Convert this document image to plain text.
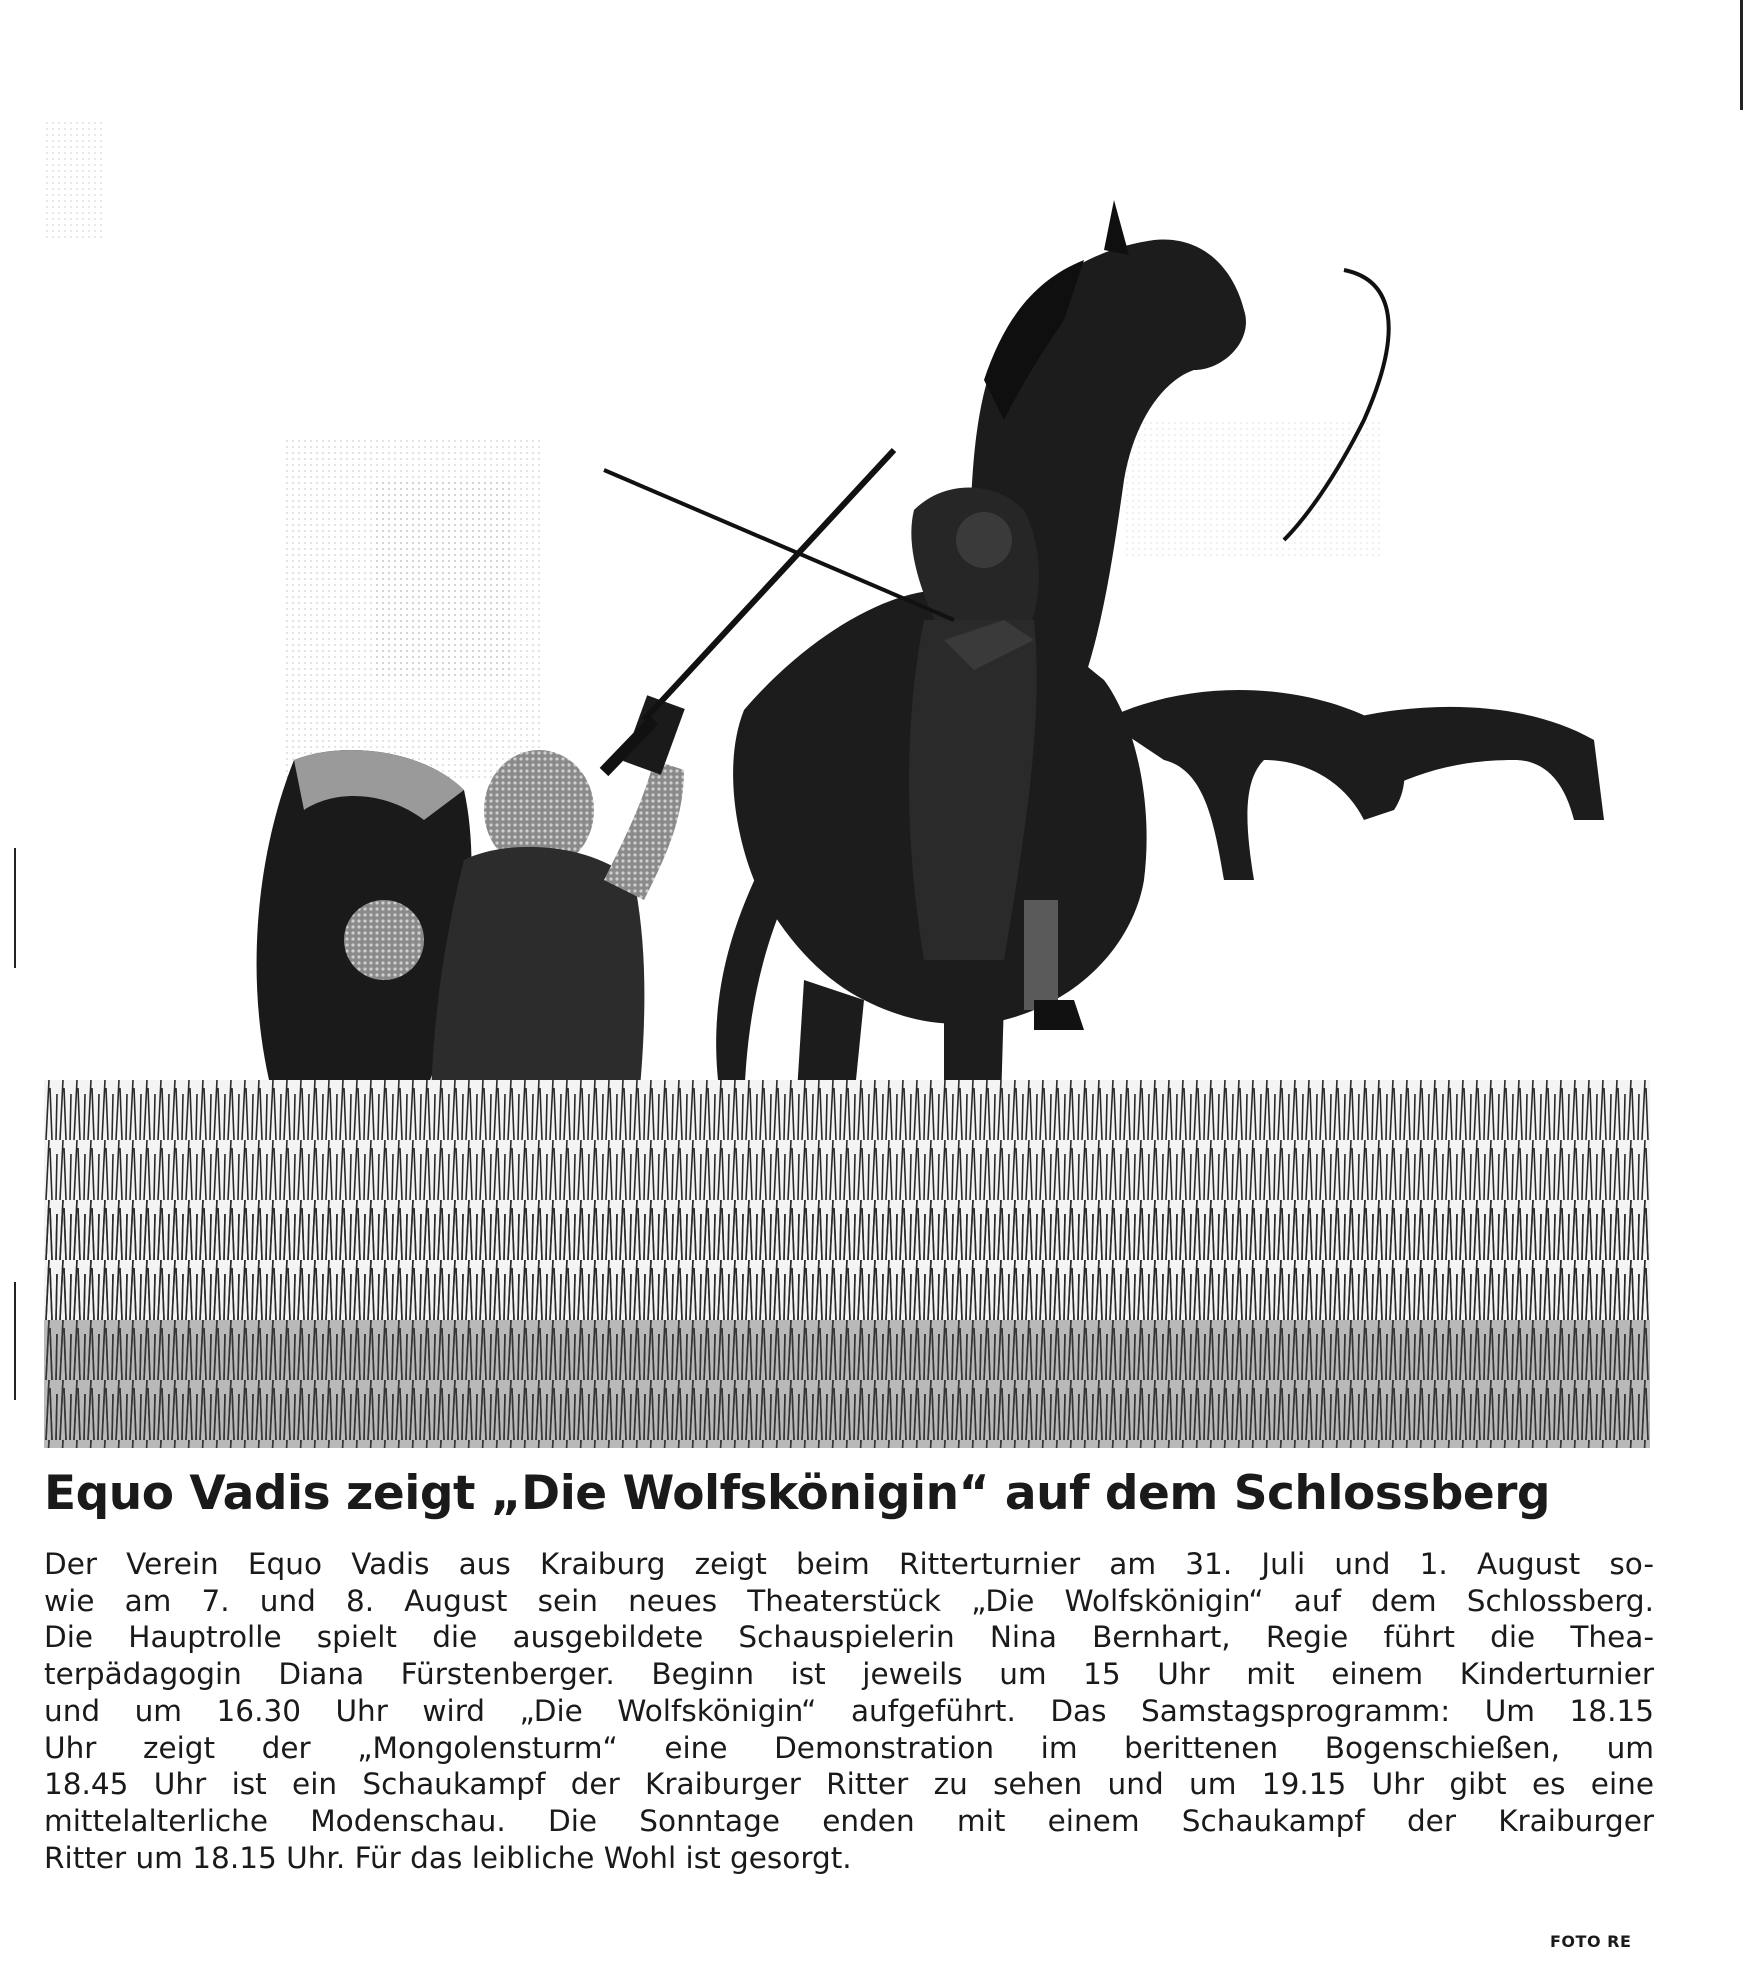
Equo Vadis zeigt „Die Wolfskönigin“ auf dem Schlossberg
Der Verein Equo Vadis aus Kraiburg zeigt beim Ritterturnier am 31. Juli und 1. August so-
wie am 7. und 8. August sein neues Theaterstück „Die Wolfskönigin“ auf dem Schlossberg.
Die Hauptrolle spielt die ausgebildete Schauspielerin Nina Bernhart, Regie führt die Thea-
terpädagogin Diana Fürstenberger. Beginn ist jeweils um 15 Uhr mit einem Kinderturnier
und um 16.30 Uhr wird „Die Wolfskönigin“ aufgeführt. Das Samstagsprogramm: Um 18.15
Uhr zeigt der „Mongolensturm“ eine Demonstration im berittenen Bogenschießen, um
18.45 Uhr ist ein Schaukampf der Kraiburger Ritter zu sehen und um 19.15 Uhr gibt es eine
mittelalterliche Modenschau. Die Sonntage enden mit einem Schaukampf der Kraiburger
Ritter um 18.15 Uhr. Für das leibliche Wohl ist gesorgt.
FOTO RE
